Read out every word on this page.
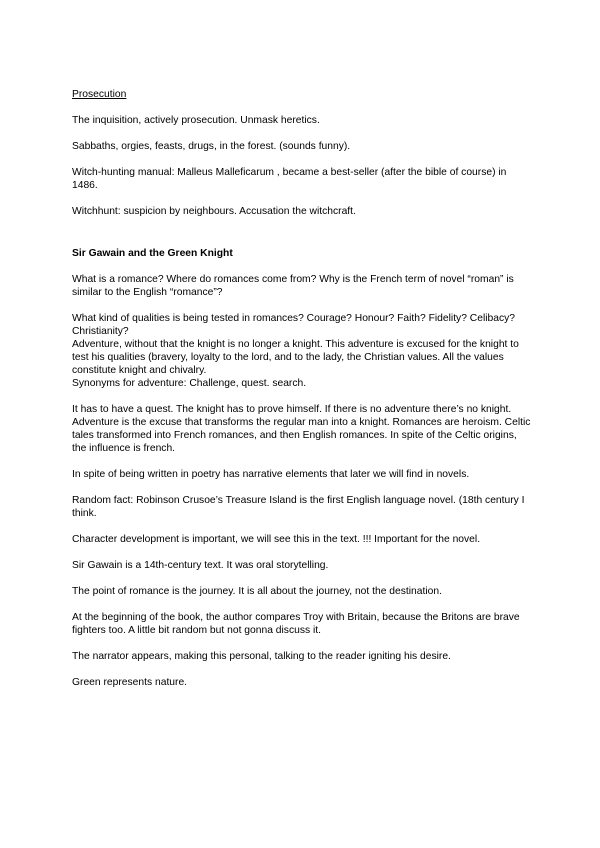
Prosecution

The inquisition, actively prosecution. Unmask heretics.

Sabbaths, orgies, feasts, drugs, in the forest. (sounds funny).

Witch-hunting manual: Malleus Malleficarum , became a best-seller (after the bible of course) in 1486.

Witchhunt: suspicion by neighbours. Accusation the witchcraft.

Sir Gawain and the Green Knight

What is a romance? Where do romances come from? Why is the French term of novel “roman” is similar to the English “romance”?

What kind of qualities is being tested in romances? Courage? Honour? Faith? Fidelity? Celibacy? Christianity?

Adventure, without that the knight is no longer a knight. This adventure is excused for the knight to test his qualities (bravery, loyalty to the lord, and to the lady, the Christian values. All the values constitute knight and chivalry.

Synonyms for adventure: Challenge, quest. search.

It has to have a quest. The knight has to prove himself. If there is no adventure there’s no knight. Adventure is the excuse that transforms the regular man into a knight. Romances are heroism. Celtic tales transformed into French romances, and then English romances. In spite of the Celtic origins, the influence is french.

In spite of being written in poetry has narrative elements that later we will find in novels.

Random fact: Robinson Crusoe’s Treasure Island is the first English language novel. (18th century I think.

Character development is important, we will see this in the text. !!! Important for the novel.

Sir Gawain is a 14th-century text. It was oral storytelling.

The point of romance is the journey. It is all about the journey, not the destination.

At the beginning of the book, the author compares Troy with Britain, because the Britons are brave fighters too. A little bit random but not gonna discuss it.

The narrator appears, making this personal, talking to the reader igniting his desire.

Green represents nature.
